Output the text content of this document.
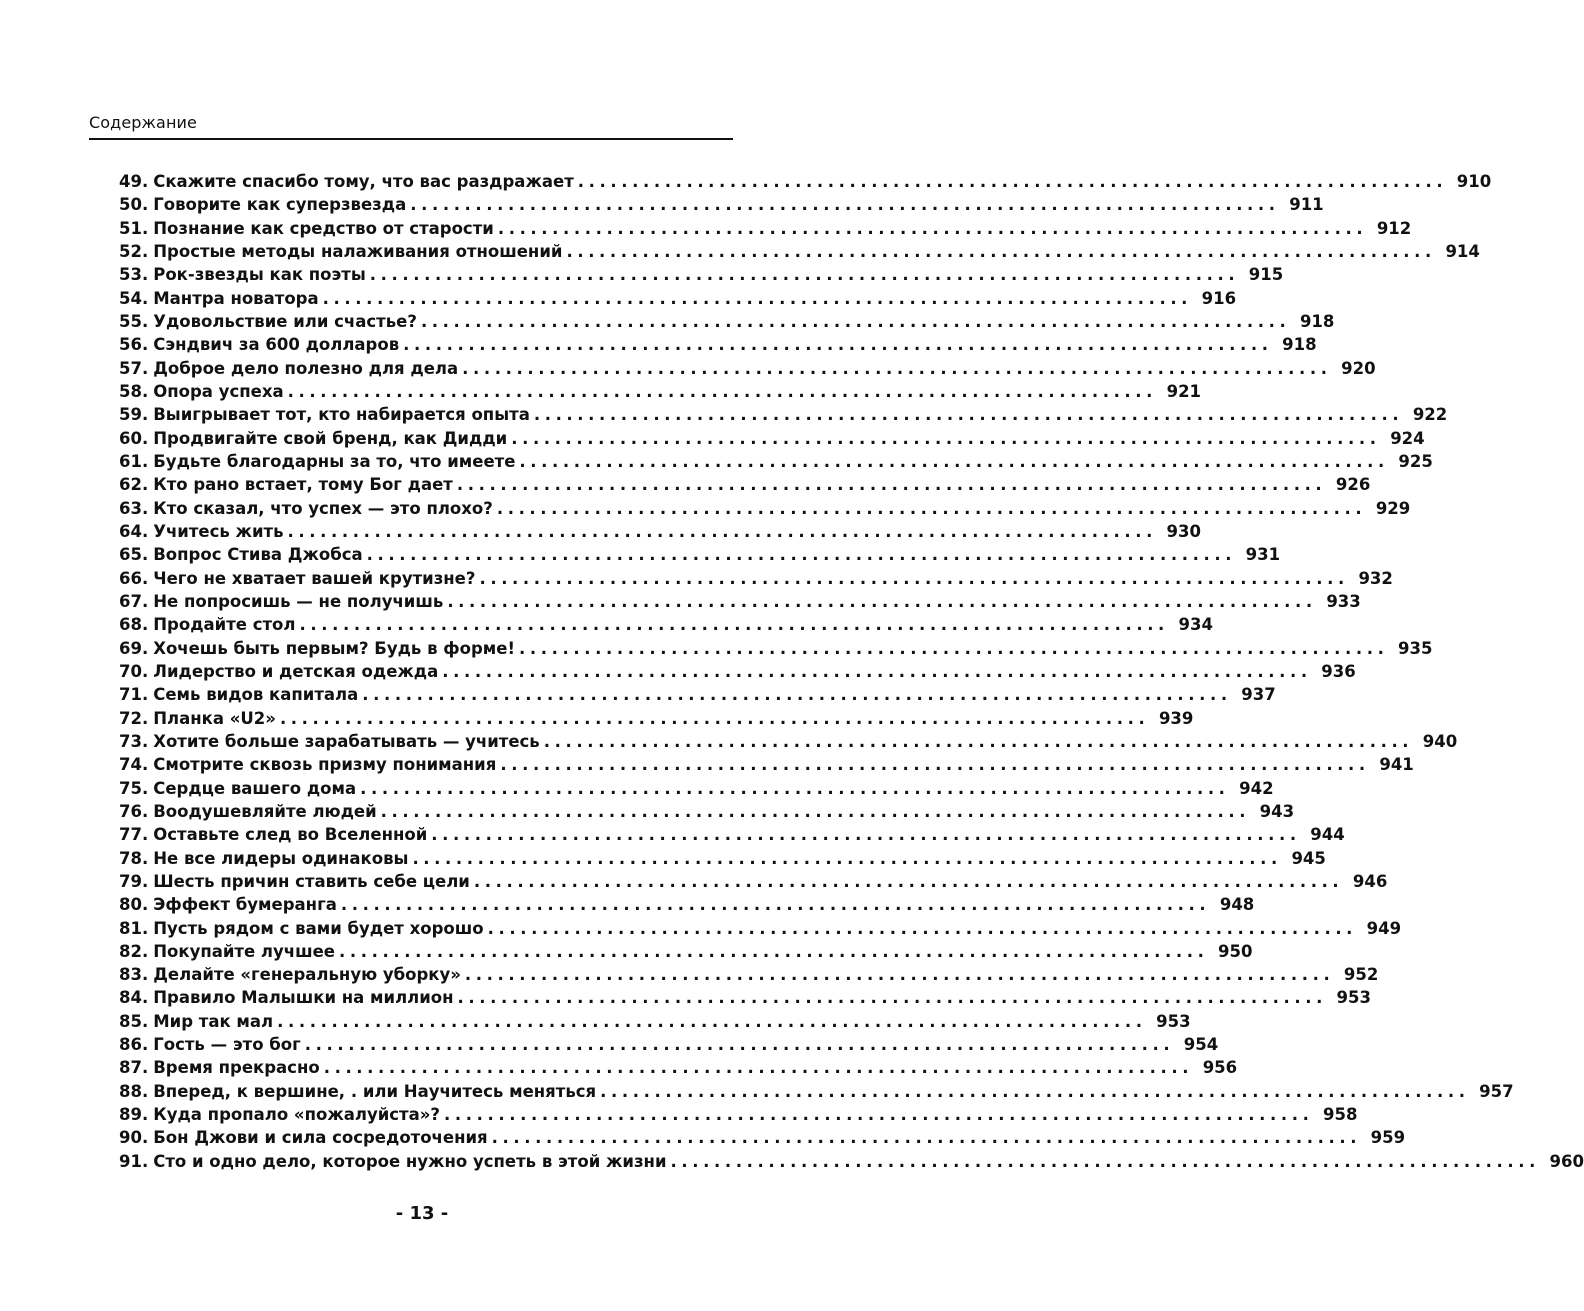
Содержание
49. Скажите спасибо тому, что вас раздражает ................................................................................ 910
50. Говорите как суперзвезда ................................................................................ 911
51. Познание как средство от старости ................................................................................ 912
52. Простые методы налаживания отношений ................................................................................ 914
53. Рок-звезды как поэты ................................................................................ 915
54. Мантра новатора ................................................................................ 916
55. Удовольствие или счастье? ................................................................................ 918
56. Сэндвич за 600 долларов ................................................................................ 918
57. Доброе дело полезно для дела ................................................................................ 920
58. Опора успеха ................................................................................ 921
59. Выигрывает тот, кто набирается опыта ................................................................................ 922
60. Продвигайте свой бренд, как Дидди ................................................................................ 924
61. Будьте благодарны за то, что имеете ................................................................................ 925
62. Кто рано встает, тому Бог дает ................................................................................ 926
63. Кто сказал, что успех — это плохо? ................................................................................ 929
64. Учитесь жить ................................................................................ 930
65. Вопрос Стива Джобса ................................................................................ 931
66. Чего не хватает вашей крутизне? ................................................................................ 932
67. Не попросишь — не получишь ................................................................................ 933
68. Продайте стол ................................................................................ 934
69. Хочешь быть первым? Будь в форме! ................................................................................ 935
70. Лидерство и детская одежда ................................................................................ 936
71. Семь видов капитала ................................................................................ 937
72. Планка «U2» ................................................................................ 939
73. Хотите больше зарабатывать — учитесь ................................................................................ 940
74. Смотрите сквозь призму понимания ................................................................................ 941
75. Сердце вашего дома ................................................................................ 942
76. Воодушевляйте людей ................................................................................ 943
77. Оставьте след во Вселенной ................................................................................ 944
78. Не все лидеры одинаковы ................................................................................ 945
79. Шесть причин ставить себе цели ................................................................................ 946
80. Эффект бумеранга ................................................................................ 948
81. Пусть рядом с вами будет хорошо ................................................................................ 949
82. Покупайте лучшее ................................................................................ 950
83. Делайте «генеральную уборку» ................................................................................ 952
84. Правило Малышки на миллион ................................................................................ 953
85. Мир так мал ................................................................................ 953
86. Гость — это бог ................................................................................ 954
87. Время прекрасно ................................................................................ 956
88. Вперед, к вершине, . или Научитесь меняться ................................................................................ 957
89. Куда пропало «пожалуйста»? ................................................................................ 958
90. Бон Джови и сила сосредоточения ................................................................................ 959
91. Сто и одно дело, которое нужно успеть в этой жизни ................................................................................ 960
- 13 -
